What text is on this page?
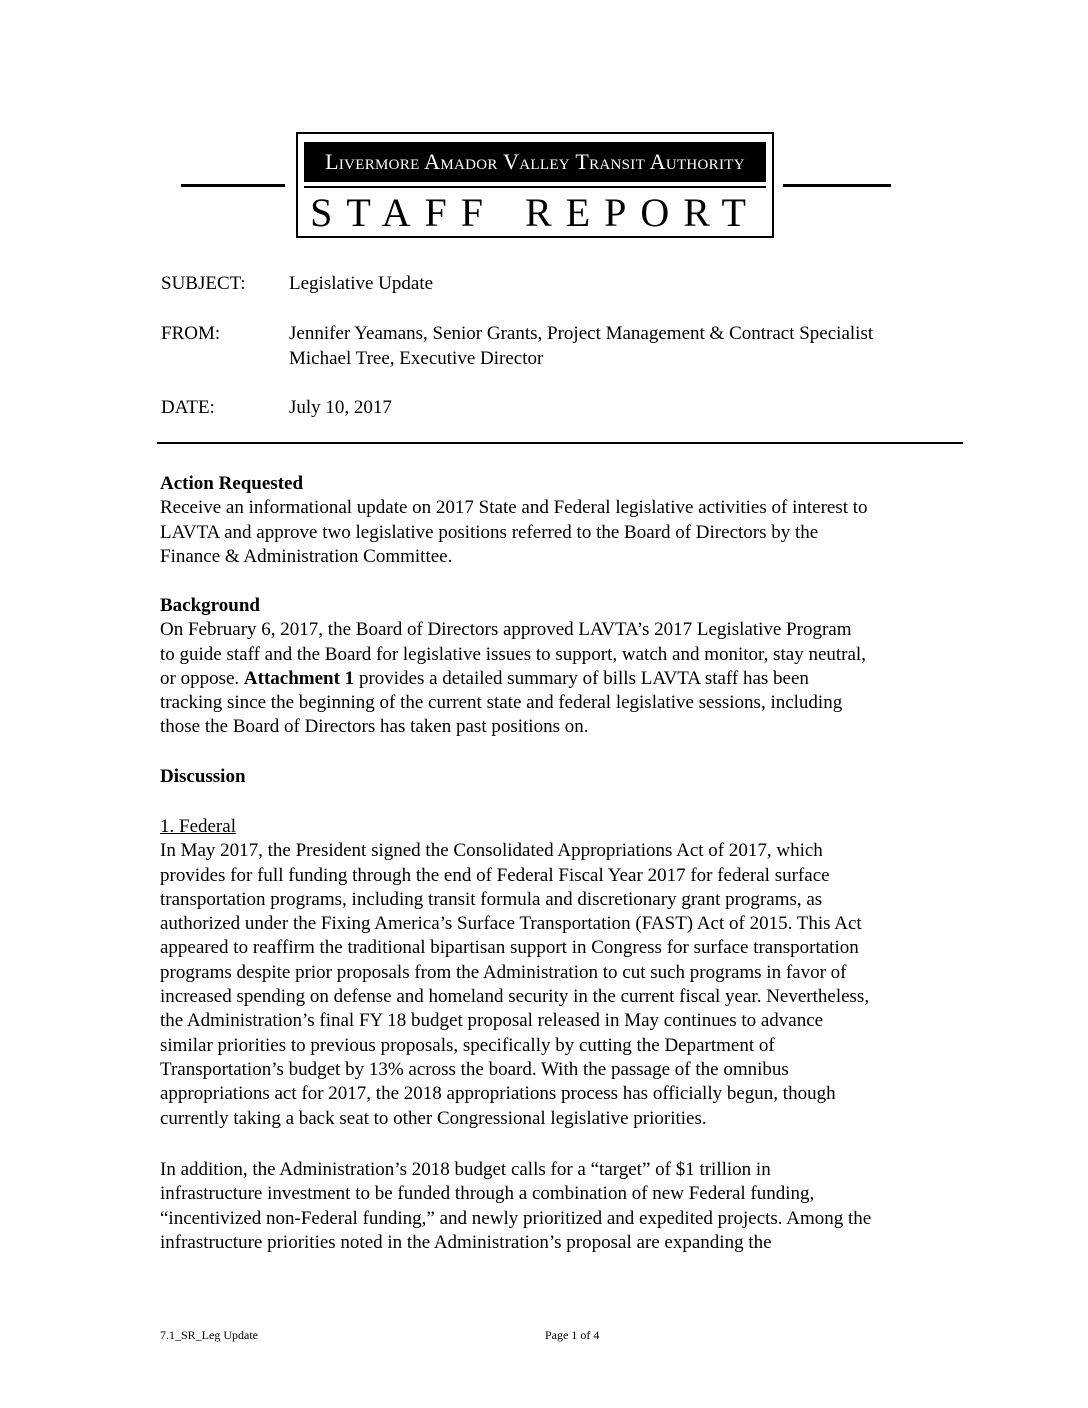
Livermore Amador Valley Transit Authority
STAFF REPORT
SUBJECT: Legislative Update
FROM:	Jennifer Yeamans, Senior Grants, Project Management & Contract Specialist
Michael Tree, Executive Director
DATE:	July 10, 2017
Action Requested
Receive an informational update on 2017 State and Federal legislative activities of interest to
LAVTA and approve two legislative positions referred to the Board of Directors by the
Finance & Administration Committee.
Background
On February 6, 2017, the Board of Directors approved LAVTA’s 2017 Legislative Program
to guide staff and the Board for legislative issues to support, watch and monitor, stay neutral,
or oppose. Attachment 1 provides a detailed summary of bills LAVTA staff has been
tracking since the beginning of the current state and federal legislative sessions, including
those the Board of Directors has taken past positions on.
Discussion
1. Federal
In May 2017, the President signed the Consolidated Appropriations Act of 2017, which
provides for full funding through the end of Federal Fiscal Year 2017 for federal surface
transportation programs, including transit formula and discretionary grant programs, as
authorized under the Fixing America’s Surface Transportation (FAST) Act of 2015. This Act
appeared to reaffirm the traditional bipartisan support in Congress for surface transportation
programs despite prior proposals from the Administration to cut such programs in favor of
increased spending on defense and homeland security in the current fiscal year. Nevertheless,
the Administration’s final FY 18 budget proposal released in May continues to advance
similar priorities to previous proposals, specifically by cutting the Department of
Transportation’s budget by 13% across the board. With the passage of the omnibus
appropriations act for 2017, the 2018 appropriations process has officially begun, though
currently taking a back seat to other Congressional legislative priorities.
In addition, the Administration’s 2018 budget calls for a “target” of $1 trillion in
infrastructure investment to be funded through a combination of new Federal funding,
“incentivized non-Federal funding,” and newly prioritized and expedited projects. Among the
infrastructure priorities noted in the Administration’s proposal are expanding the
7.1_SR_Leg Update	Page 1 of 4
